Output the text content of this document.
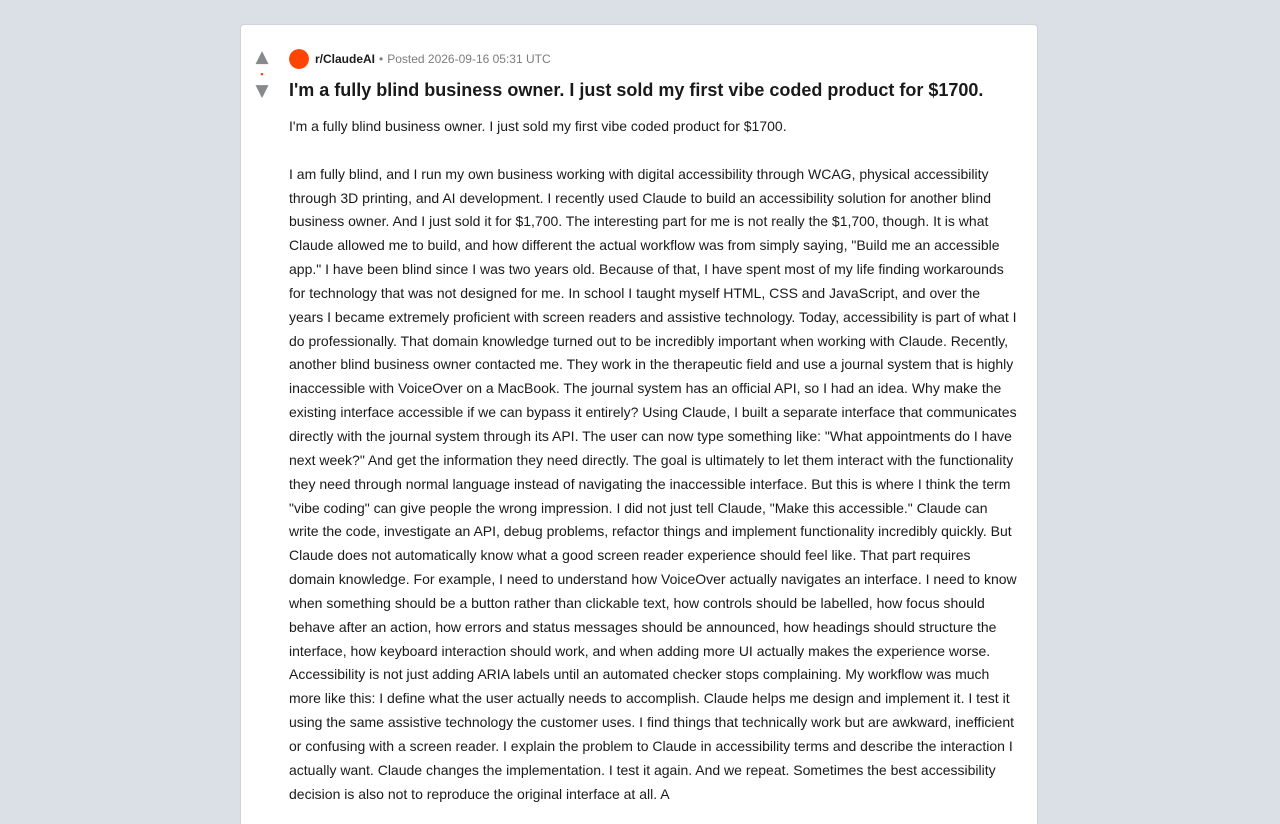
▲
•
▼
r/ClaudeAI • Posted 2026-09-16 05:31 UTC
I'm a fully blind business owner. I just sold my first vibe coded product for $1700.

I'm a fully blind business owner. I just sold my first vibe coded product for $1700.

I am fully blind, and I run my own business working with digital accessibility through WCAG, physical accessibility through 3D printing, and AI development. I recently used Claude to build an accessibility solution for another blind business owner. And I just sold it for $1,700. The interesting part for me is not really the $1,700, though. It is what Claude allowed me to build, and how different the actual workflow was from simply saying, "Build me an accessible app." I have been blind since I was two years old. Because of that, I have spent most of my life finding workarounds for technology that was not designed for me. In school I taught myself HTML, CSS and JavaScript, and over the years I became extremely proficient with screen readers and assistive technology. Today, accessibility is part of what I do professionally. That domain knowledge turned out to be incredibly important when working with Claude. Recently, another blind business owner contacted me. They work in the therapeutic field and use a journal system that is highly inaccessible with VoiceOver on a MacBook. The journal system has an official API, so I had an idea. Why make the existing interface accessible if we can bypass it entirely? Using Claude, I built a separate interface that communicates directly with the journal system through its API. The user can now type something like: "What appointments do I have next week?" And get the information they need directly. The goal is ultimately to let them interact with the functionality they need through normal language instead of navigating the inaccessible interface. But this is where I think the term "vibe coding" can give people the wrong impression. I did not just tell Claude, "Make this accessible." Claude can write the code, investigate an API, debug problems, refactor things and implement functionality incredibly quickly. But Claude does not automatically know what a good screen reader experience should feel like. That part requires domain knowledge. For example, I need to understand how VoiceOver actually navigates an interface. I need to know when something should be a button rather than clickable text, how controls should be labelled, how focus should behave after an action, how errors and status messages should be announced, how headings should structure the interface, how keyboard interaction should work, and when adding more UI actually makes the experience worse. Accessibility is not just adding ARIA labels until an automated checker stops complaining. My workflow was much more like this: I define what the user actually needs to accomplish. Claude helps me design and implement it. I test it using the same assistive technology the customer uses. I find things that technically work but are awkward, inefficient or confusing with a screen reader. I explain the problem to Claude in accessibility terms and describe the interaction I actually want. Claude changes the implementation. I test it again. And we repeat. Sometimes the best accessibility decision is also not to reproduce the original interface at all. A
